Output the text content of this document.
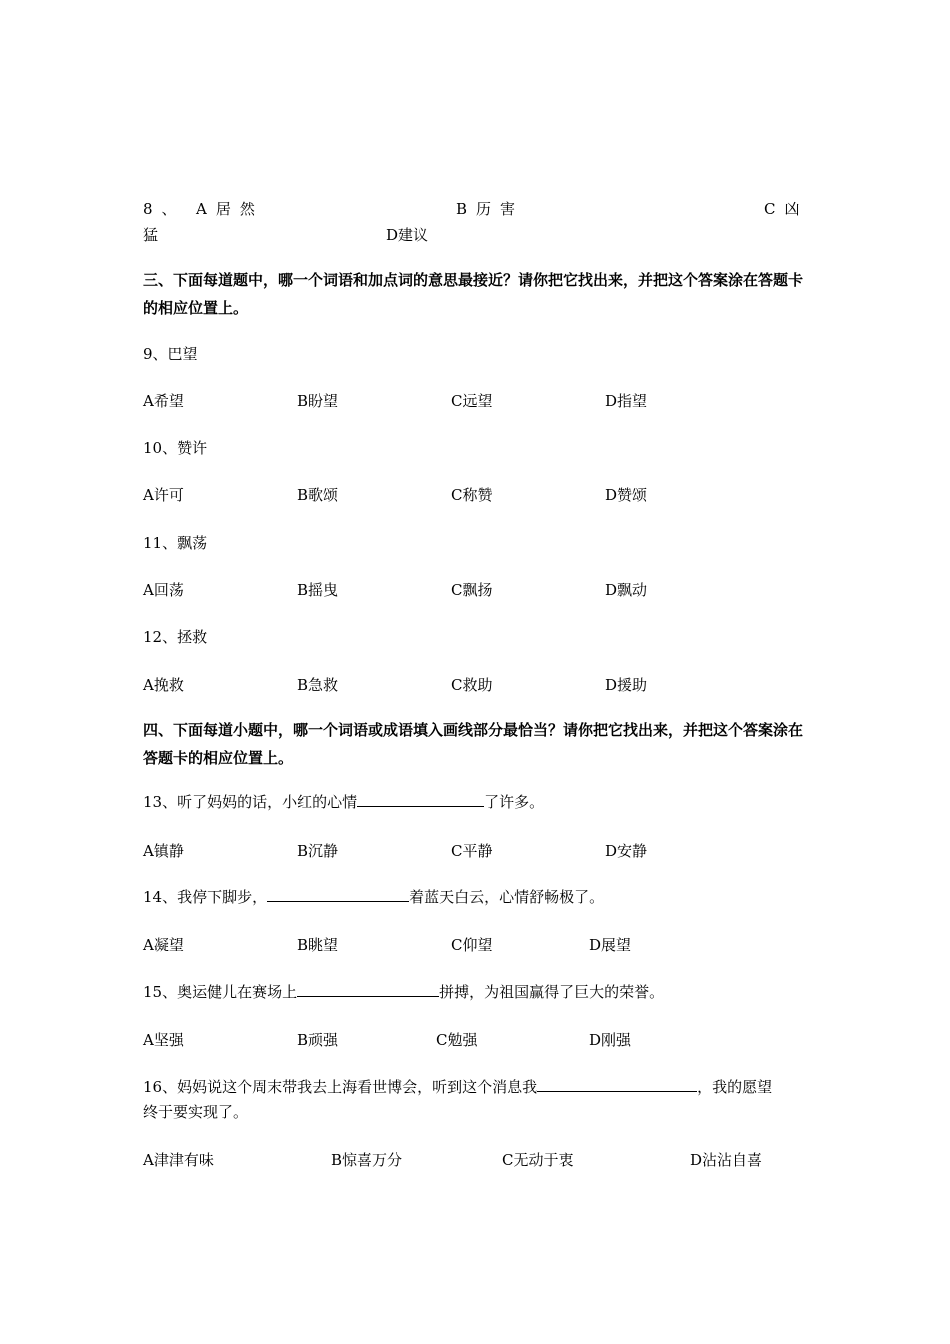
8、 A居然	B历害	C凶
猛	D建议
三、下面每道题中，哪一个词语和加点词的意思最接近？请你把它找出来，并把这个答案涂在答题卡的相应位置上。
9、巴望
A希望	B盼望	C远望	D指望
10、赞许
A许可	B歌颂	C称赞	D赞颂
11、飘荡
A回荡	B摇曳	C飘扬	D飘动
12、拯救
A挽救	B急救	C救助	D援助
四、下面每道小题中，哪一个词语或成语填入画线部分最恰当？请你把它找出来，并把这个答案涂在答题卡的相应位置上。
13、听了妈妈的话，小红的心情	了许多。
A镇静	B沉静	C平静	D安静
14、我停下脚步，	着蓝天白云，心情舒畅极了。
A凝望	B眺望	C仰望	D展望
15、奥运健儿在赛场上	拼搏，为祖国赢得了巨大的荣誉。
A坚强	B顽强	C勉强	D刚强
16、妈妈说这个周末带我去上海看世博会，听到这个消息我	，我的愿望
终于要实现了。
A津津有味	B惊喜万分	C无动于衷	D沾沾自喜
